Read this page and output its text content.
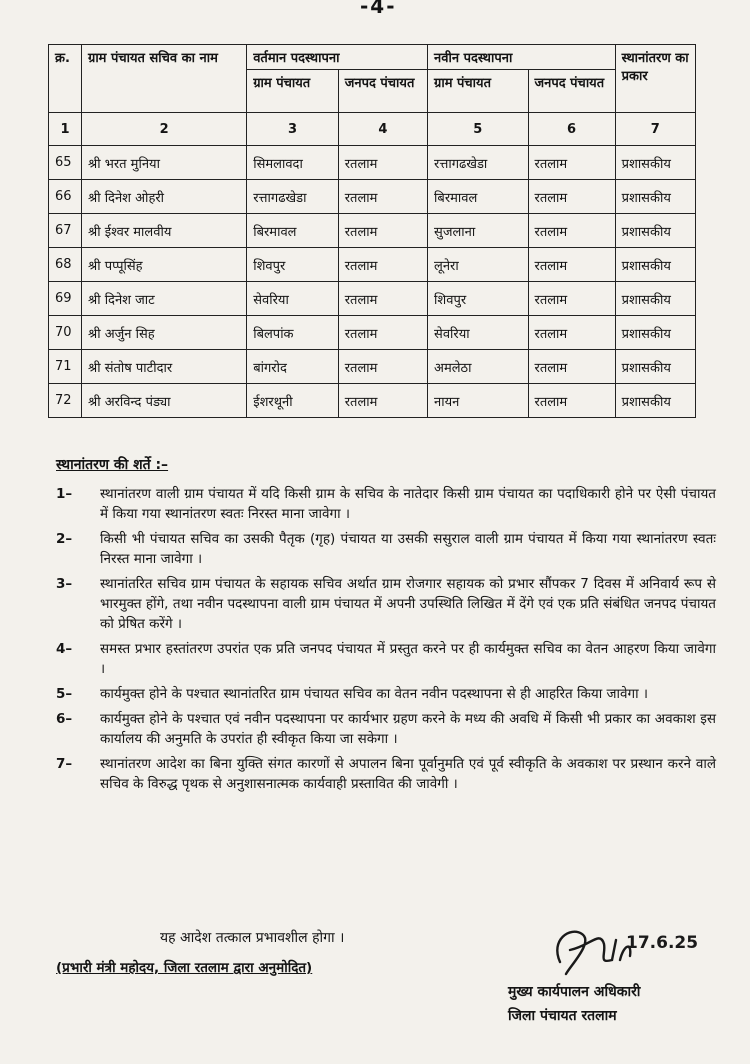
-4-
क्र.	ग्राम पंचायत सचिव का नाम	वर्तमान पदस्थापना		नवीन पदस्थापना		स्थानांतरण का प्रकार
		ग्राम पंचायत	जनपद पंचायत	ग्राम पंचायत	जनपद पंचायत	
1	2	3	4	5	6	7
65	श्री भरत मुनिया	सिमलावदा	रतलाम	रत्तागढखेडा	रतलाम	प्रशासकीय
66	श्री दिनेश ओहरी	रत्तागढखेडा	रतलाम	बिरमावल	रतलाम	प्रशासकीय
67	श्री ईश्वर मालवीय	बिरमावल	रतलाम	सुजलाना	रतलाम	प्रशासकीय
68	श्री पप्पूसिंह	शिवपुर	रतलाम	लूनेरा	रतलाम	प्रशासकीय
69	श्री दिनेश जाट	सेवरिया	रतलाम	शिवपुर	रतलाम	प्रशासकीय
70	श्री अर्जुन सिह	बिलपांक	रतलाम	सेवरिया	रतलाम	प्रशासकीय
71	श्री संतोष पाटीदार	बांगरोद	रतलाम	अमलेठा	रतलाम	प्रशासकीय
72	श्री अरविन्द पंड्या	ईशरथूनी	रतलाम	नायन	रतलाम	प्रशासकीय
स्थानांतरण की शर्ते :–
1–	स्थानांतरण वाली ग्राम पंचायत में यदि किसी ग्राम के सचिव के नातेदार किसी ग्राम पंचायत का पदाधिकारी होने पर ऐसी पंचायत में किया गया स्थानांतरण स्वतः निरस्त माना जावेगा ।
2–	किसी भी पंचायत सचिव का उसकी पैतृक (गृह) पंचायत या उसकी ससुराल वाली ग्राम पंचायत में किया गया स्थानांतरण स्वतः निरस्त माना जावेगा ।
3–	स्थानांतरित सचिव ग्राम पंचायत के सहायक सचिव अर्थात ग्राम रोजगार सहायक को प्रभार सौंपकर 7 दिवस में अनिवार्य रूप से भारमुक्त होंगे, तथा नवीन पदस्थापना वाली ग्राम पंचायत में अपनी उपस्थिति लिखित में देंगे एवं एक प्रति संबंधित जनपद पंचायत को प्रेषित करेंगे ।
4–	समस्त प्रभार हस्तांतरण उपरांत एक प्रति जनपद पंचायत में प्रस्तुत करने पर ही कार्यमुक्त सचिव का वेतन आहरण किया जावेगा ।
5–	कार्यमुक्त होने के पश्चात स्थानांतरित ग्राम पंचायत सचिव का वेतन नवीन पदस्थापना से ही आहरित किया जावेगा ।
6–	कार्यमुक्त होने के पश्चात एवं नवीन पदस्थापना पर कार्यभार ग्रहण करने के मध्य की अवधि में किसी भी प्रकार का अवकाश इस कार्यालय की अनुमति के उपरांत ही स्वीकृत किया जा सकेगा ।
7–	स्थानांतरण आदेश का बिना युक्ति संगत कारणों से अपालन बिना पूर्वानुमति एवं पूर्व स्वीकृति के अवकाश पर प्रस्थान करने वाले सचिव के विरुद्ध पृथक से अनुशासनात्मक कार्यवाही प्रस्तावित की जावेगी ।
यह आदेश तत्काल प्रभावशील होगा ।
(प्रभारी मंत्री महोदय, जिला रतलाम द्वारा अनुमोदित)
17.6.25
मुख्य कार्यपालन अधिकारी
जिला पंचायत रतलाम
